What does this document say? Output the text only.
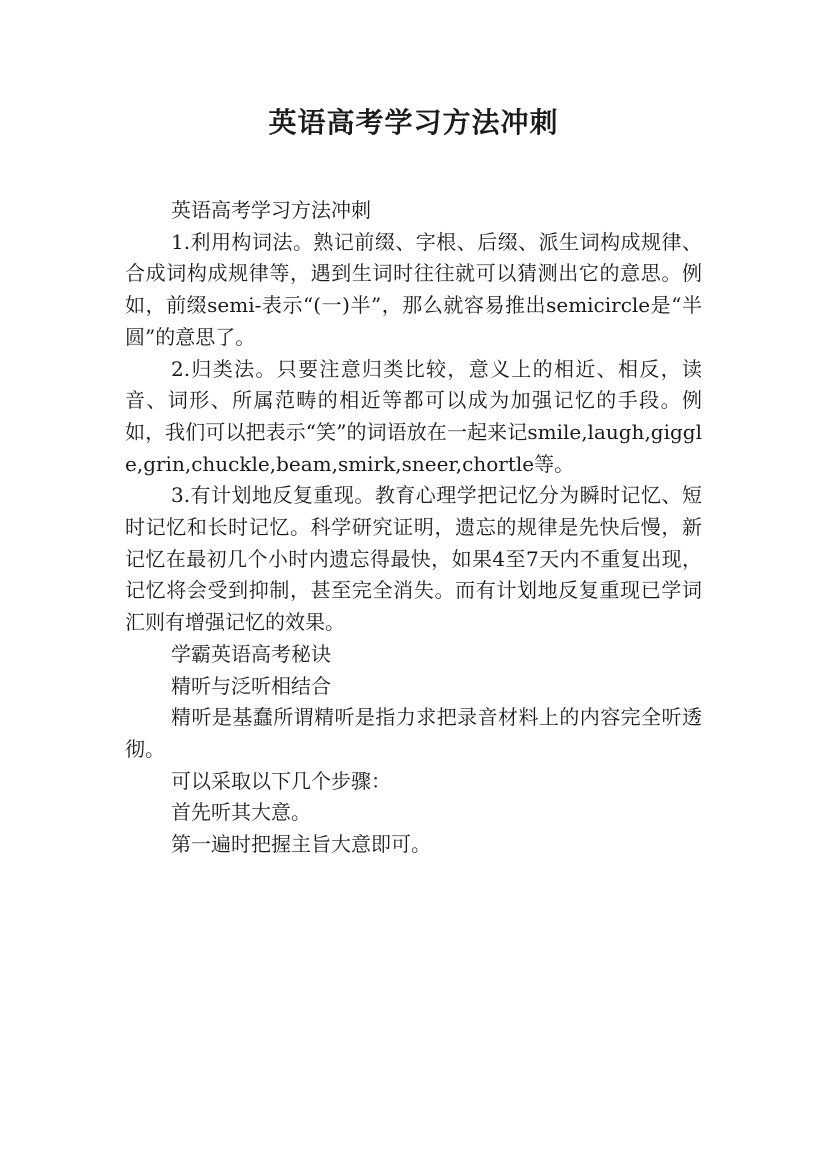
英语高考学习方法冲刺

英语高考学习方法冲刺

1.利用构词法。熟记前缀、字根、后缀、派生词构成规律、合成词构成规律等，遇到生词时往往就可以猜测出它的意思。例如，前缀semi-表示“(一)半”，那么就容易推出semicircle是“半圆”的意思了。

2.归类法。只要注意归类比较，意义上的相近、相反，读音、词形、所属范畴的相近等都可以成为加强记忆的手段。例如，我们可以把表示“笑”的词语放在一起来记smile,laugh,giggle,grin,chuckle,beam,smirk,sneer,chortle等。

3.有计划地反复重现。教育心理学把记忆分为瞬时记忆、短时记忆和长时记忆。科学研究证明，遗忘的规律是先快后慢，新记忆在最初几个小时内遗忘得最快，如果4至7天内不重复出现，记忆将会受到抑制，甚至完全消失。而有计划地反复重现已学词汇则有增强记忆的效果。

学霸英语高考秘诀

精听与泛听相结合

精听是基蠢所谓精听是指力求把录音材料上的内容完全听透彻。

可以采取以下几个步骤：

首先听其大意。

第一遍时把握主旨大意即可。
